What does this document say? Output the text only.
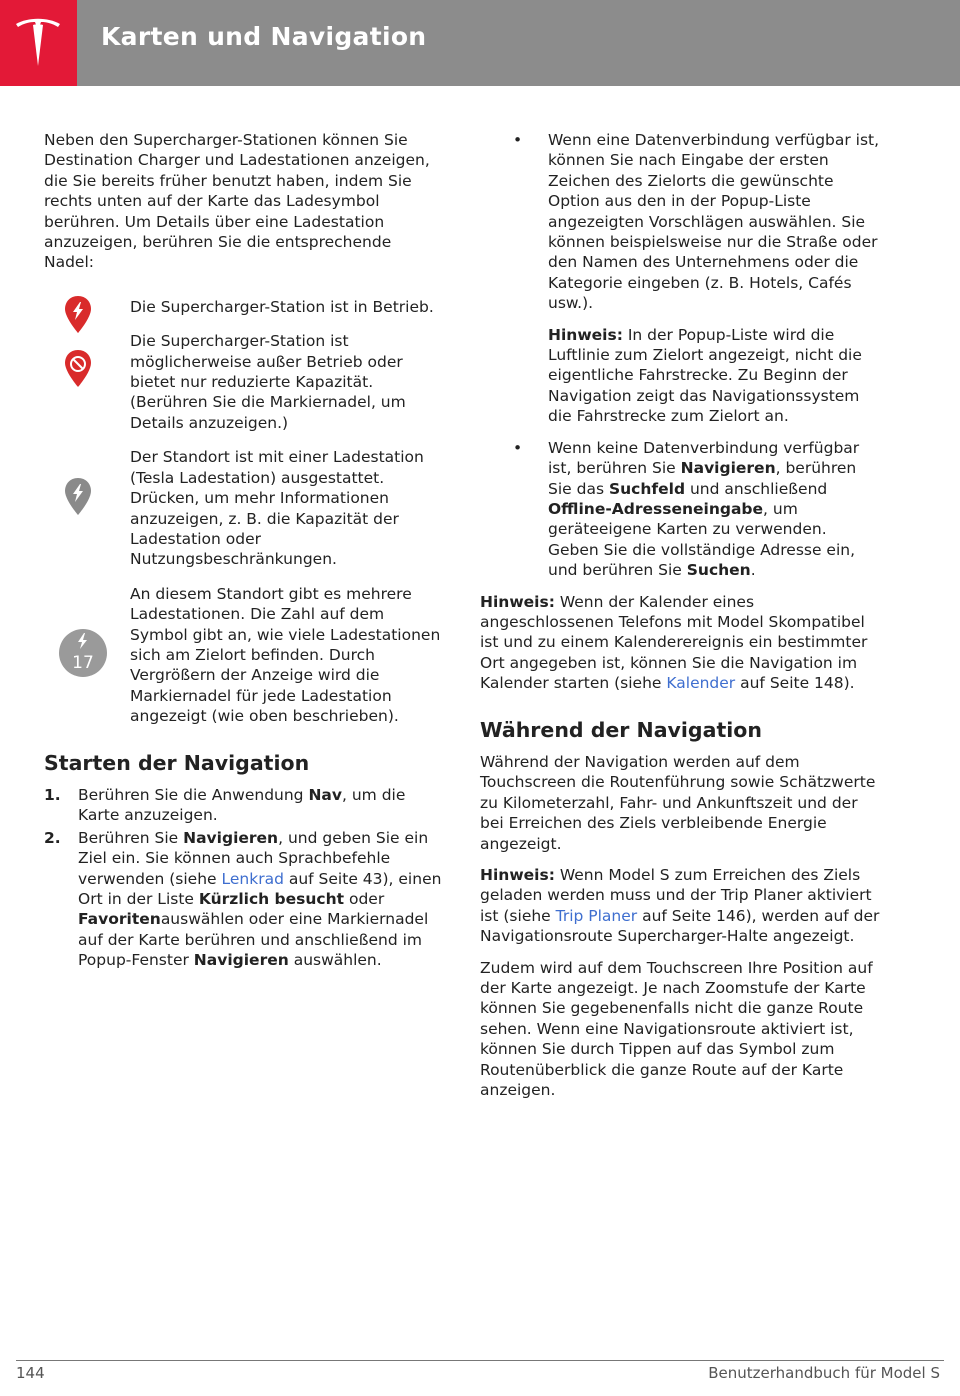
Karten und Navigation

Neben den Supercharger-Stationen können Sie Destination Charger und Ladestationen anzeigen, die Sie bereits früher benutzt haben, indem Sie rechts unten auf der Karte das Ladesymbol berühren. Um Details über eine Ladestation anzuzeigen, berühren Sie die entsprechende Nadel:

Die Supercharger-Station ist in Betrieb.
Die Supercharger-Station ist möglicherweise außer Betrieb oder bietet nur reduzierte Kapazität. (Berühren Sie die Markiernadel, um Details anzuzeigen.)
Der Standort ist mit einer Ladestation (Tesla Ladestation) ausgestattet. Drücken, um mehr Informationen anzuzeigen, z. B. die Kapazität der Ladestation oder Nutzungsbeschränkungen.
17
An diesem Standort gibt es mehrere Ladestationen. Die Zahl auf dem Symbol gibt an, wie viele Ladestationen sich am Zielort befinden. Durch Vergrößern der Anzeige wird die Markiernadel für jede Ladestation angezeigt (wie oben beschrieben).
Starten der Navigation
1. Berühren Sie die Anwendung Nav, um die Karte anzuzeigen.
2. Berühren Sie Navigieren, und geben Sie ein Ziel ein. Sie können auch Sprachbefehle verwenden (siehe Lenkrad auf Seite 43), einen Ort in der Liste Kürzlich besucht oder Favoritenauswählen oder eine Markiernadel auf der Karte berühren und anschließend im Popup-Fenster Navigieren auswählen.
• Wenn eine Datenverbindung verfügbar ist, können Sie nach Eingabe der ersten Zeichen des Zielorts die gewünschte Option aus den in der Popup-Liste angezeigten Vorschlägen auswählen. Sie können beispielsweise nur die Straße oder den Namen des Unternehmens oder die Kategorie eingeben (z. B. Hotels, Cafés usw.).

Hinweis: In der Popup-Liste wird die Luftlinie zum Zielort angezeigt, nicht die eigentliche Fahrstrecke. Zu Beginn der Navigation zeigt das Navigationssystem die Fahrstrecke zum Zielort an.

• Wenn keine Datenverbindung verfügbar ist, berühren Sie Navigieren, berühren Sie das Suchfeld und anschließend Offline-Adresseneingabe, um geräteeigene Karten zu verwenden. Geben Sie die vollständige Adresse ein, und berühren Sie Suchen.

Hinweis: Wenn der Kalender eines angeschlossenen Telefons mit Model Skompatibel ist und zu einem Kalenderereignis ein bestimmter Ort angegeben ist, können Sie die Navigation im Kalender starten (siehe Kalender auf Seite 148).

Während der Navigation

Während der Navigation werden auf dem Touchscreen die Routenführung sowie Schätzwerte zu Kilometerzahl, Fahr- und Ankunftszeit und der bei Erreichen des Ziels verbleibende Energie angezeigt.

Hinweis: Wenn Model S zum Erreichen des Ziels geladen werden muss und der Trip Planer aktiviert ist (siehe Trip Planer auf Seite 146), werden auf der Navigationsroute Supercharger-Halte angezeigt.

Zudem wird auf dem Touchscreen Ihre Position auf der Karte angezeigt. Je nach Zoomstufe der Karte können Sie gegebenenfalls nicht die ganze Route sehen. Wenn eine Navigationsroute aktiviert ist, können Sie durch Tippen auf das Symbol zum Routenüberblick die ganze Route auf der Karte anzeigen.

144	Benutzerhandbuch für Model S
